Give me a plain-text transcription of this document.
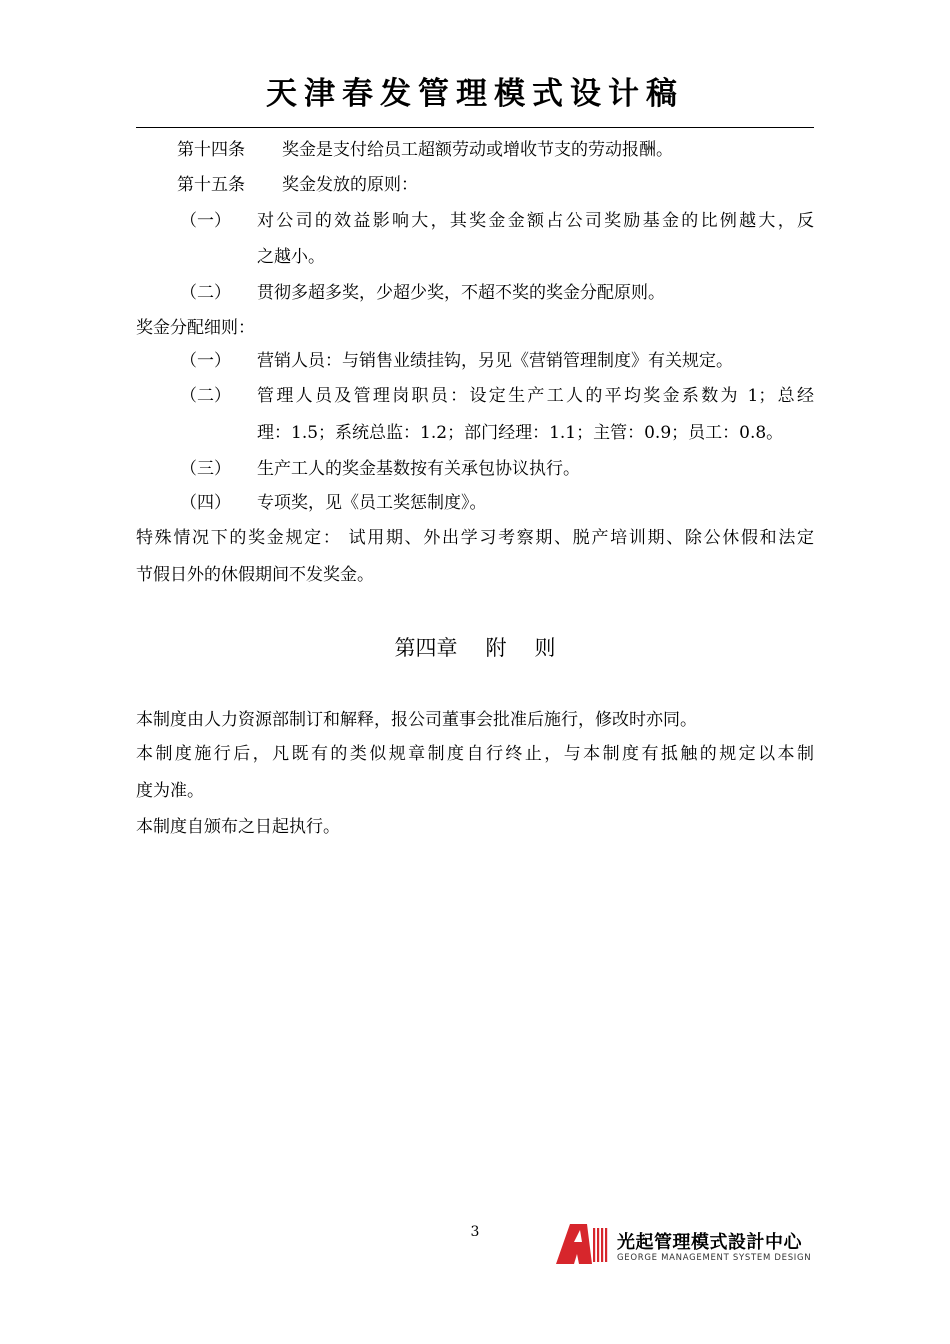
天津春发管理模式设计稿
第十四条 奖金是支付给员工超额劳动或增收节支的劳动报酬。
第十五条 奖金发放的原则：
（一） 对公司的效益影响大，其奖金金额占公司奖励基金的比例越大，反
之越小。
（二） 贯彻多超多奖，少超少奖，不超不奖的奖金分配原则。
奖金分配细则：
（一） 营销人员：与销售业绩挂钩，另见《营销管理制度》有关规定。
（二） 管理人员及管理岗职员：设定生产工人的平均奖金系数为 1；总经
理：1.5；系统总监：1.2；部门经理：1.1；主管：0.9；员工：0.8。
（三） 生产工人的奖金基数按有关承包协议执行。
（四） 专项奖，见《员工奖惩制度》。
特殊情况下的奖金规定： 试用期、外出学习考察期、脱产培训期、除公休假和法定
节假日外的休假期间不发奖金。
第四章 附 则
本制度由人力资源部制订和解释，报公司董事会批准后施行，修改时亦同。
本制度施行后，凡既有的类似规章制度自行终止，与本制度有抵触的规定以本制
度为准。
本制度自颁布之日起执行。
3	光起管理模式設計中心
GEORGE MANAGEMENT SYSTEM DESIGN
